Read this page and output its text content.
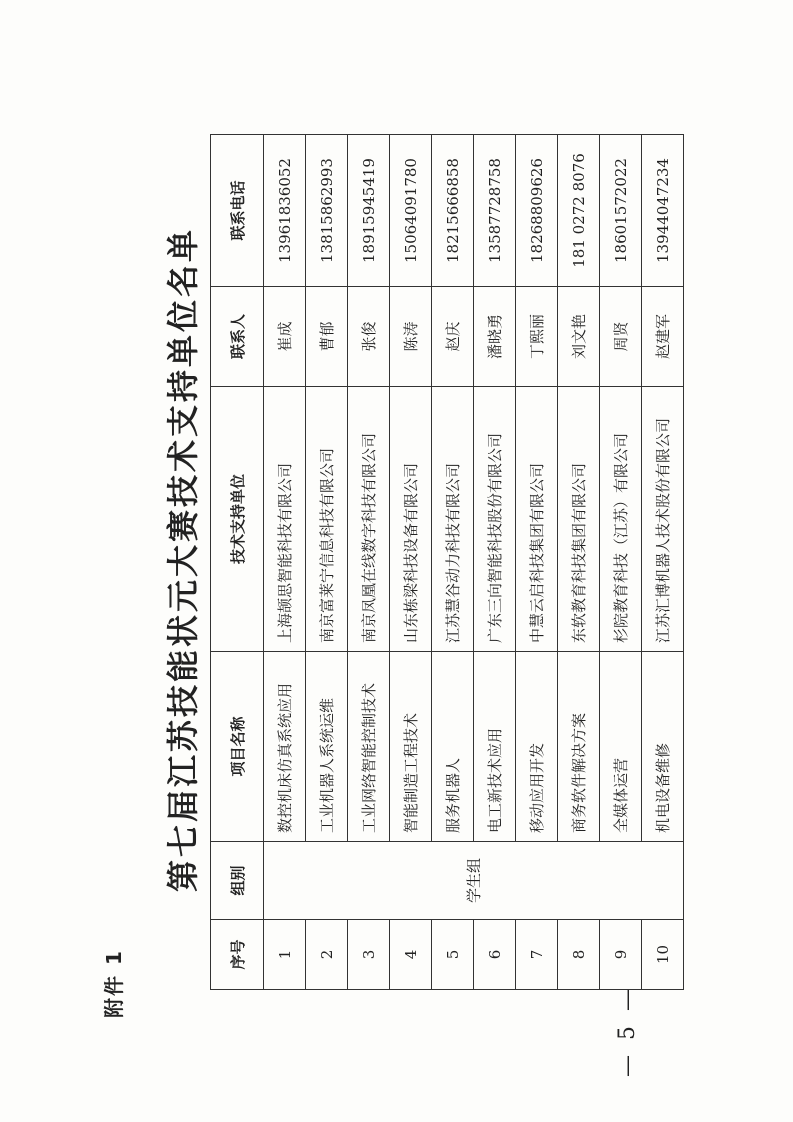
附件 1
第七届江苏技能状元大赛技术支持单位名单
序号	组别	项目名称	技术支持单位	联系人	联系电话
1	学生组	数控机床仿真系统应用	上海颉思智能科技有限公司	崔成	13961836052
2		工业机器人系统运维	南京富莱宁信息科技有限公司	曹郁	13815862993
3		工业网络智能控制技术	南京凤凰在线数字科技有限公司	张俊	18915945419
4		智能制造工程技术	山东栋梁科技设备有限公司	陈涛	15064091780
5		服务机器人	江苏慧谷动力科技有限公司	赵庆	18215666858
6		电工新技术应用	广东三向智能科技股份有限公司	潘晓勇	13587728758
7		移动应用开发	中慧云启科技集团有限公司	丁熙丽	18268809626
8		商务软件解决方案	东软教育科技集团有限公司	刘文艳	181 0272 8076
9		全媒体运营	杉院教育科技（江苏）有限公司	周贤	18601572022
10		机电设备维修	江苏汇博机器人技术股份有限公司	赵建军	13944047234
— 5 —
